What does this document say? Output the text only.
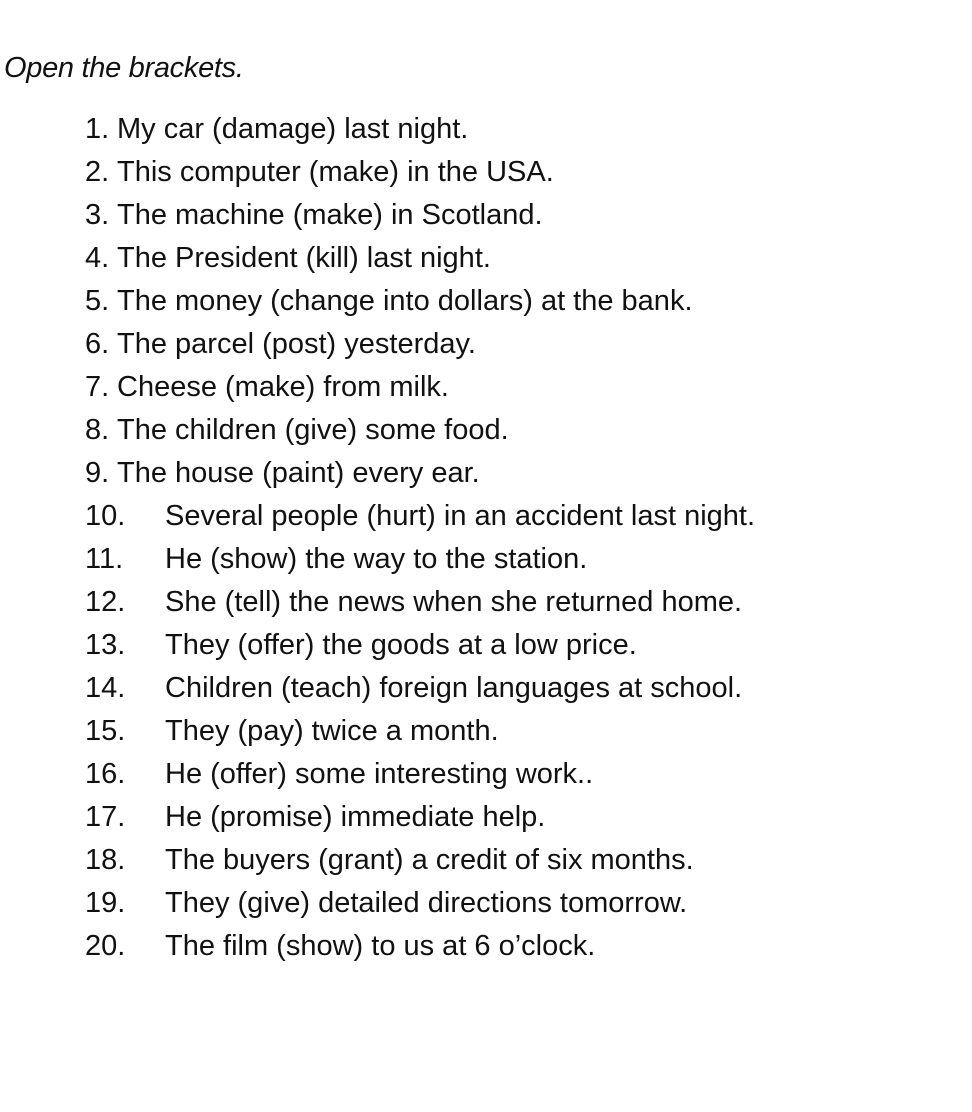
Open the brackets.
1. My car (damage) last night.
2. This computer (make) in the USA.
3. The machine (make) in Scotland.
4. The President (kill) last night.
5. The money (change into dollars) at the bank.
6. The parcel (post) yesterday.
7. Cheese (make) from milk.
8. The children (give) some food.
9. The house (paint) every ear.
10.	Several people (hurt) in an accident last night.
11.	He (show) the way to the station.
12.	She (tell) the news when she returned home.
13.	They (offer) the goods at a low price.
14.	Children (teach) foreign languages at school.
15.	They (pay) twice a month.
16.	He (offer) some interesting work..
17.	He (promise) immediate help.
18.	The buyers (grant) a credit of six months.
19.	They (give) detailed directions tomorrow.
20.	The film (show) to us at 6 o’clock.
